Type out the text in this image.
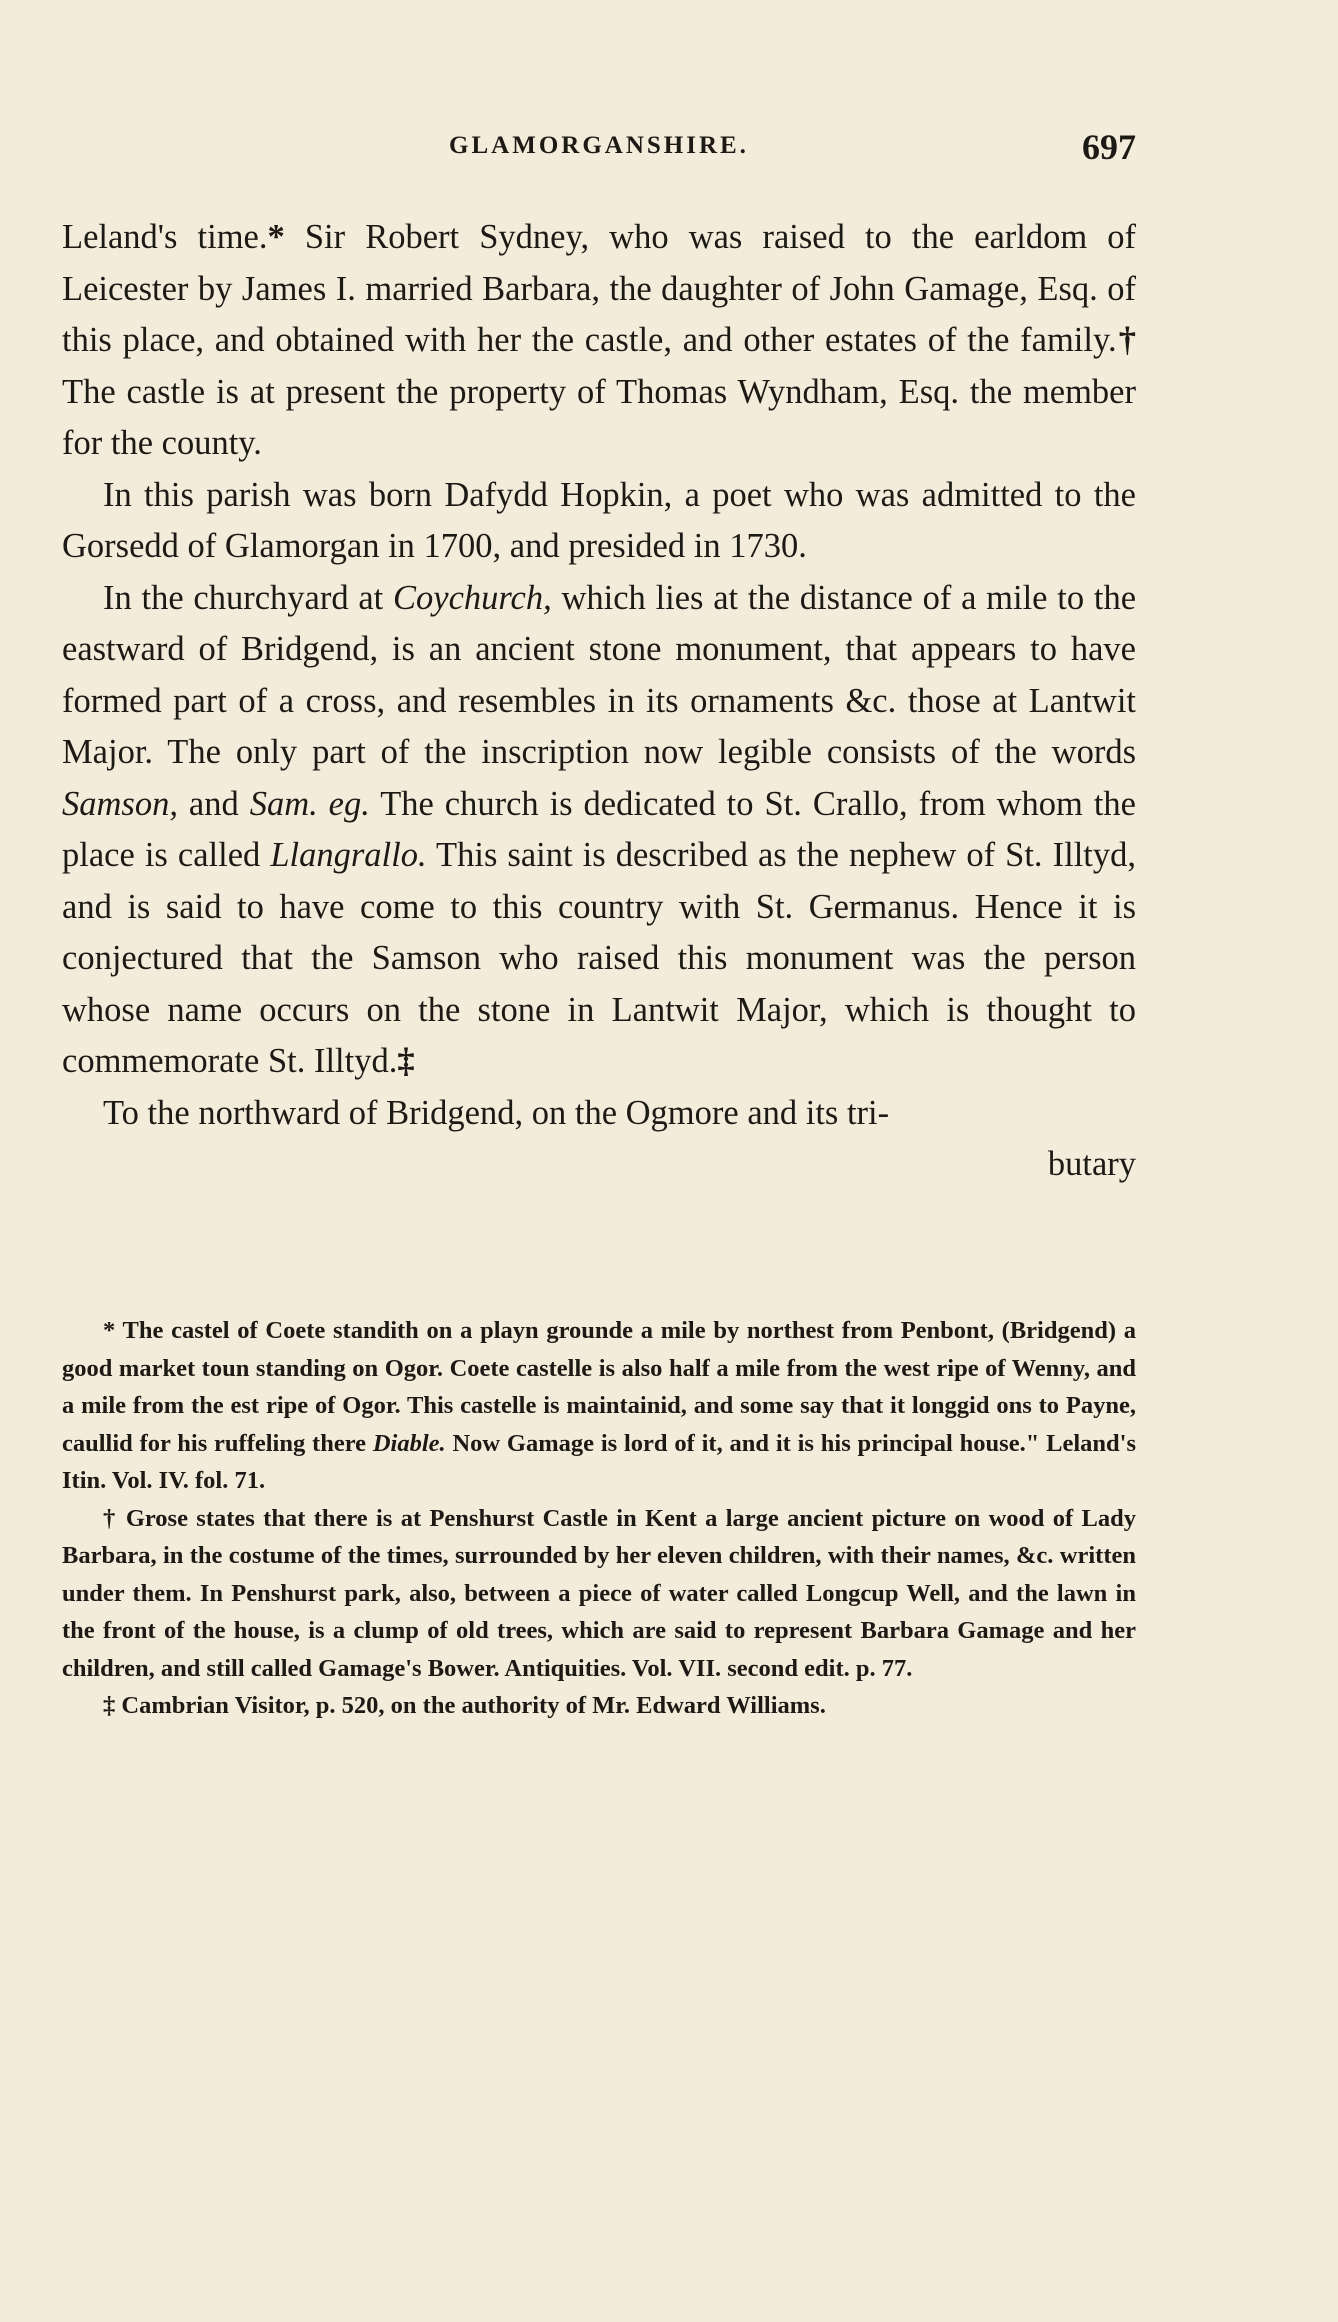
GLAMORGANSHIRE.	697

Leland's time.* Sir Robert Sydney, who was raised to the earldom of Leicester by James I. married Barbara, the daughter of John Gamage, Esq. of this place, and obtained with her the castle, and other estates of the family.† The castle is at present the property of Thomas Wyndham, Esq. the member for the county.

In this parish was born Dafydd Hopkin, a poet who was admitted to the Gorsedd of Glamorgan in 1700, and presided in 1730.

In the churchyard at Coychurch, which lies at the distance of a mile to the eastward of Bridgend, is an ancient stone monument, that appears to have formed part of a cross, and resembles in its ornaments &c. those at Lantwit Major. The only part of the inscription now legible consists of the words Samson, and Sam. eg. The church is dedicated to St. Crallo, from whom the place is called Llangrallo. This saint is described as the nephew of St. Illtyd, and is said to have come to this country with St. Germanus. Hence it is conjectured that the Samson who raised this monument was the person whose name occurs on the stone in Lantwit Major, which is thought to commemorate St. Illtyd.‡

To the northward of Bridgend, on the Ogmore and its tri-

butary

* The castel of Coete standith on a playn grounde a mile by northest from Penbont, (Bridgend) a good market toun standing on Ogor. Coete castelle is also half a mile from the west ripe of Wenny, and a mile from the est ripe of Ogor. This castelle is maintainid, and some say that it longgid ons to Payne, caullid for his ruffeling there Diable. Now Gamage is lord of it, and it is his principal house." Leland's Itin. Vol. IV. fol. 71.

† Grose states that there is at Penshurst Castle in Kent a large ancient picture on wood of Lady Barbara, in the costume of the times, surrounded by her eleven children, with their names, &c. written under them. In Penshurst park, also, between a piece of water called Longcup Well, and the lawn in the front of the house, is a clump of old trees, which are said to represent Barbara Gamage and her children, and still called Gamage's Bower. Antiquities. Vol. VII. second edit. p. 77.

‡ Cambrian Visitor, p. 520, on the authority of Mr. Edward Williams.
